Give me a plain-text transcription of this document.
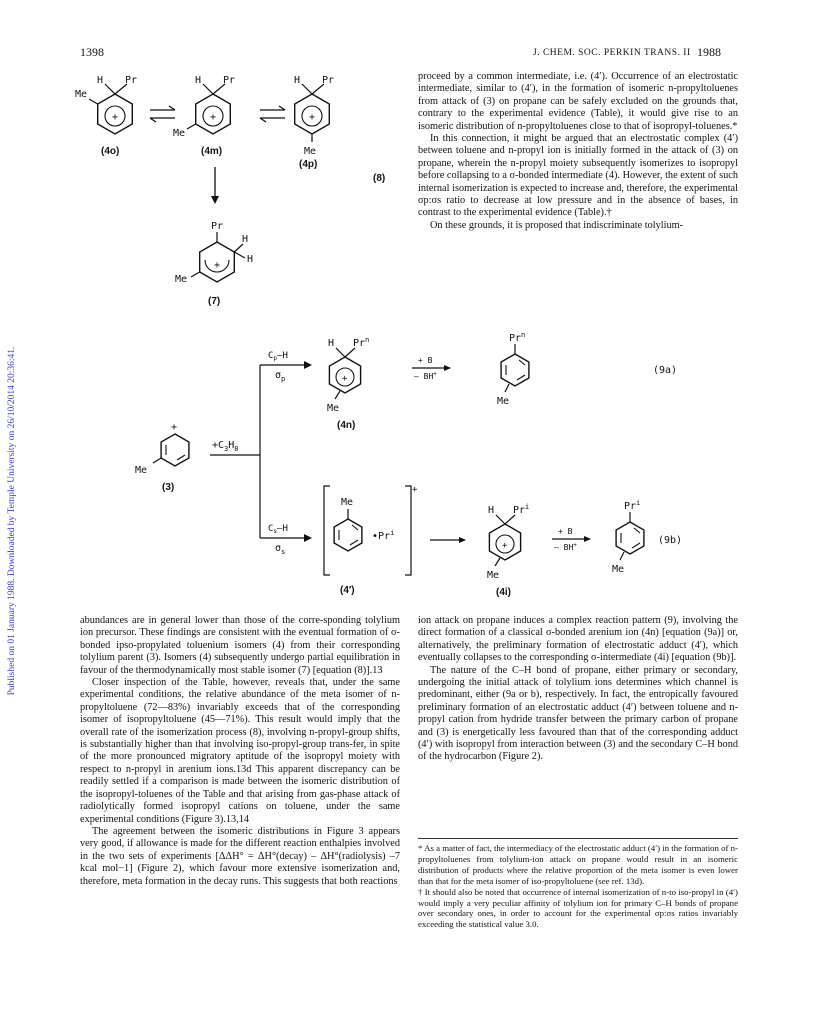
1398	J. CHEM. SOC. PERKIN TRANS. II 1988
Published on 01 January 1988. Downloaded by Temple University on 26/10/2014 20:36:41.
+
H Pr
Me
(4o)
+
H Pr
Me
(4m)
+
H Pr
Me
(4p)
+
Pr
H
H
Me
(7)
(8)

proceed by a common intermediate, i.e. (4′). Occurrence of an electrostatic intermediate, similar to (4′), in the formation of isomeric n-propyltoluenes from attack of (3) on propane can be safely excluded on the grounds that, contrary to the experimental evidence (Table), it would give rise to an isomeric distribution of n-propyltoluenes close to that of isopropyl-toluenes.*

In this connection, it might be argued that an electrostatic complex (4′) between toluene and n-propyl ion is initially formed in the attack of (3) on propane, wherein the n-propyl moiety subsequently isomerizes to isopropyl before collapsing to a σ-bonded intermediate (4). However, the extent of such internal isomerization is expected to increase and, therefore, the experimental σp:σs ratio to decrease at low pressure and in the absence of bases, in contrast to the experimental evidence (Table).†

On these grounds, it is proposed that indiscriminate tolylium-

+
Me
(3)
$+C_3H_8$
$C_p-H$
$\sigma_p$
$C_s-H$
$\sigma_s$
+
H Pr$^n$
Me
(4n)
+ B
– BH+
Pr$^n$
Me
(9a)
+
Me
•Pr$^i$
(4′)
+
H Pr$^i$
Me
(4i)
+ B
– BH+
Pr$^i$
Me
(9b)

abundances are in general lower than those of the corre-sponding tolylium ion precursor. These findings are consistent with the eventual formation of σ-bonded ipso-propylated toluenium isomers (4) from their corresponding tolylium parent (3). Isomers (4) subsequently undergo partial equilibration in favour of the thermodynamically most stable isomer (7) [equation (8)].13

Closer inspection of the Table, however, reveals that, under the same experimental conditions, the relative abundance of the meta isomer of n-propyltoluene (72—83%) invariably exceeds that of the corresponding isomer of isopropyltoluene (45—71%). This result would imply that the overall rate of the isomerization process (8), involving n-propyl-group shifts, is substantially higher than that involving iso-propyl-group trans-fer, in spite of the more pronounced migratory aptitude of the isopropyl moiety with respect to n-propyl in arenium ions.13d This apparent discrepancy can be readily settled if a comparison is made between the isomeric distribution of the isopropyl-toluenes of the Table and that arising from gas-phase attack of radiolytically formed isopropyl cations on toluene, under the same experimental conditions (Figure 3).13,14

The agreement between the isomeric distributions in Figure 3 appears very good, if allowance is made for the different reaction enthalpies involved in the two sets of experiments [ΔΔH° = ΔH°(decay) – ΔH°(radiolysis) –7 kcal mol−1] (Figure 2), which favour more extensive isomerization and, therefore, meta formation in the decay runs. This suggests that both reactions

ion attack on propane induces a complex reaction pattern (9), involving the direct formation of a classical σ-bonded arenium ion (4n) [equation (9a)] or, alternatively, the preliminary formation of electrostatic adduct (4′), which eventually collapses to the corresponding σ-intermediate (4i) [equation (9b)].

The nature of the C–H bond of propane, either primary or secondary, undergoing the initial attack of tolylium ions determines which channel is predominant, either (9a or b), respectively. In fact, the entropically favoured preliminary formation of an electrostatic adduct (4′) between toluene and n-propyl cation from hydride transfer between the primary carbon of propane and (3) is energetically less favoured than that of the corresponding adduct (4′) with isopropyl from interaction between (3) and the secondary C–H bond of the hydrocarbon (Figure 2).

* As a matter of fact, the intermediacy of the electrostatic adduct (4′) in the formation of n-propyltoluenes from tolylium-ion attack on propane would result in an isomeric distribution of products where the relative proportion of the meta isomer is even lower than that for the meta isomer of iso-propyltoluene (see ref. 13d).

† It should also be noted that occurrence of internal isomerization of n-to iso-propyl in (4′) would imply a very peculiar affinity of tolylium ion for primary C–H bonds of propane over secondary ones, in order to account for the experimental σp:σs ratios invariably exceeding the statistical value 3.0.
